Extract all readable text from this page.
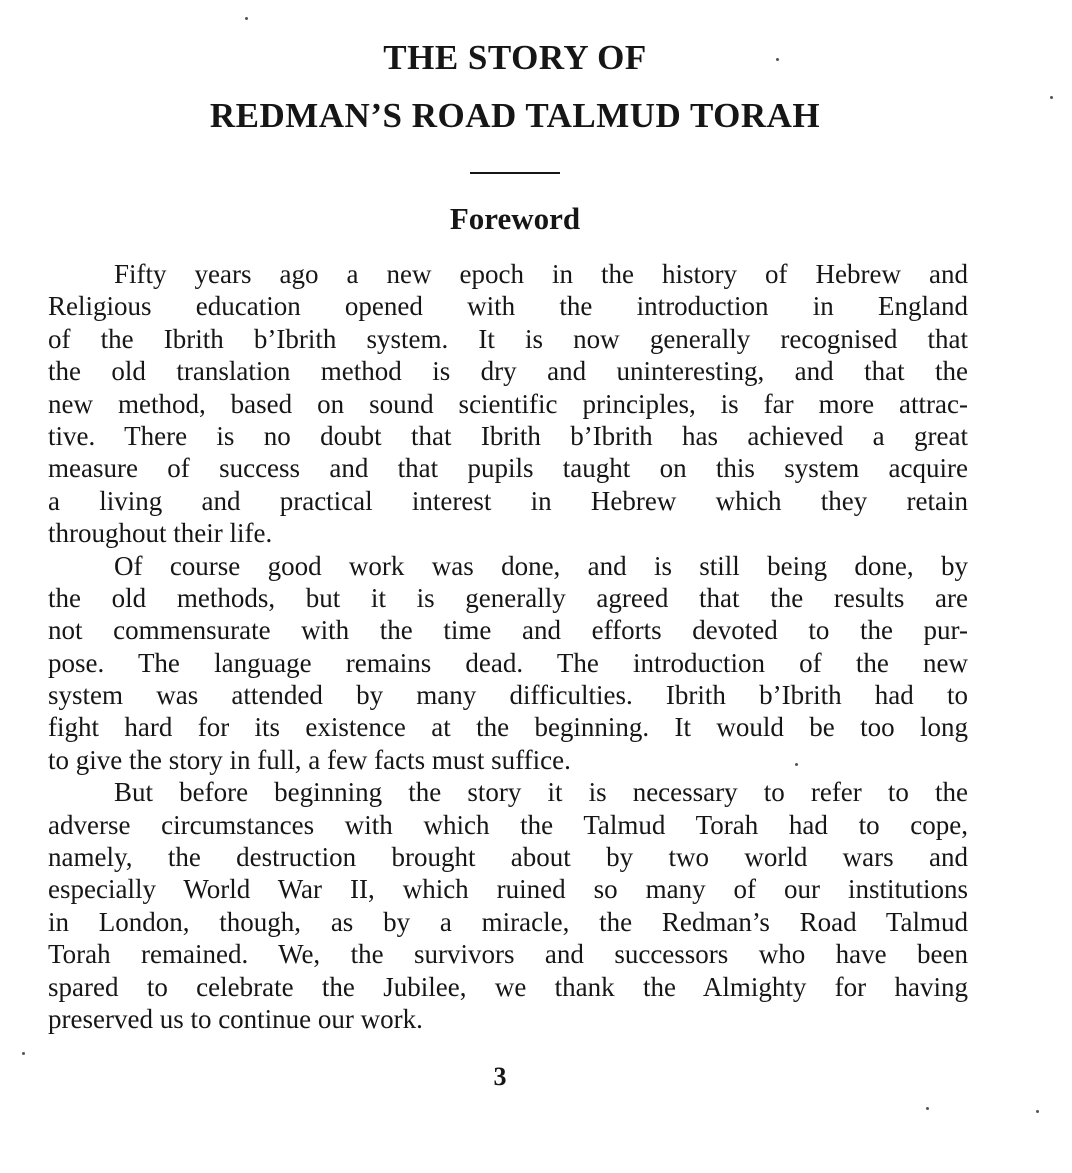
THE STORY OF
REDMAN’S ROAD TALMUD TORAH
Foreword
Fifty years ago a new epoch in the history of Hebrew and
Religious education opened with the introduction in England
of the Ibrith b’Ibrith system. It is now generally recognised that
the old translation method is dry and uninteresting, and that the
new method, based on sound scientific principles, is far more attrac-
tive. There is no doubt that Ibrith b’Ibrith has achieved a great
measure of success and that pupils taught on this system acquire
a living and practical interest in Hebrew which they retain
throughout their life.
Of course good work was done, and is still being done, by
the old methods, but it is generally agreed that the results are
not commensurate with the time and efforts devoted to the pur-
pose. The language remains dead. The introduction of the new
system was attended by many difficulties. Ibrith b’Ibrith had to
fight hard for its existence at the beginning. It would be too long
to give the story in full, a few facts must suffice.
But before beginning the story it is necessary to refer to the
adverse circumstances with which the Talmud Torah had to cope,
namely, the destruction brought about by two world wars and
especially World War II, which ruined so many of our institutions
in London, though, as by a miracle, the Redman’s Road Talmud
Torah remained. We, the survivors and successors who have been
spared to celebrate the Jubilee, we thank the Almighty for having
preserved us to continue our work.
3
